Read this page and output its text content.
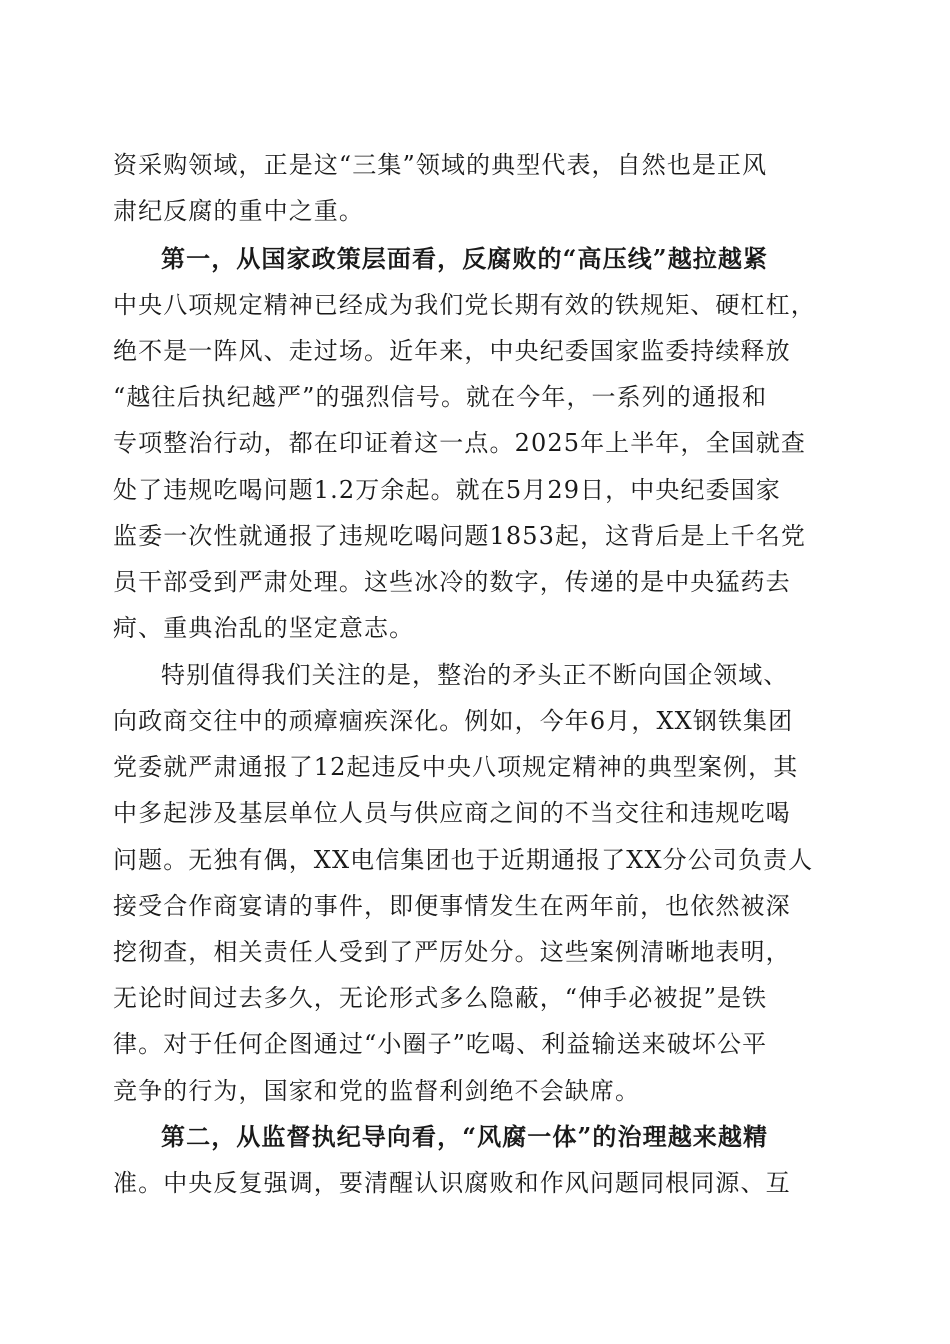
资采购领域，正是这“三集”领域的典型代表，自然也是正风
肃纪反腐的重中之重。
第一，从国家政策层面看，反腐败的“高压线”越拉越紧
中央八项规定精神已经成为我们党长期有效的铁规矩、硬杠杠，
绝不是一阵风、走过场。近年来，中央纪委国家监委持续释放
“越往后执纪越严”的强烈信号。就在今年，一系列的通报和
专项整治行动，都在印证着这一点。2025年上半年，全国就查
处了违规吃喝问题1.2万余起。就在5月29日，中央纪委国家
监委一次性就通报了违规吃喝问题1853起，这背后是上千名党
员干部受到严肃处理。这些冰冷的数字，传递的是中央猛药去
疴、重典治乱的坚定意志。
特别值得我们关注的是，整治的矛头正不断向国企领域、
向政商交往中的顽瘴痼疾深化。例如，今年6月，XX钢铁集团
党委就严肃通报了12起违反中央八项规定精神的典型案例，其
中多起涉及基层单位人员与供应商之间的不当交往和违规吃喝
问题。无独有偶，XX电信集团也于近期通报了XX分公司负责人
接受合作商宴请的事件，即便事情发生在两年前，也依然被深
挖彻查，相关责任人受到了严厉处分。这些案例清晰地表明，
无论时间过去多久，无论形式多么隐蔽，“伸手必被捉”是铁
律。对于任何企图通过“小圈子”吃喝、利益输送来破坏公平
竞争的行为，国家和党的监督利剑绝不会缺席。
第二，从监督执纪导向看，“风腐一体”的治理越来越精
准。中央反复强调，要清醒认识腐败和作风问题同根同源、互
